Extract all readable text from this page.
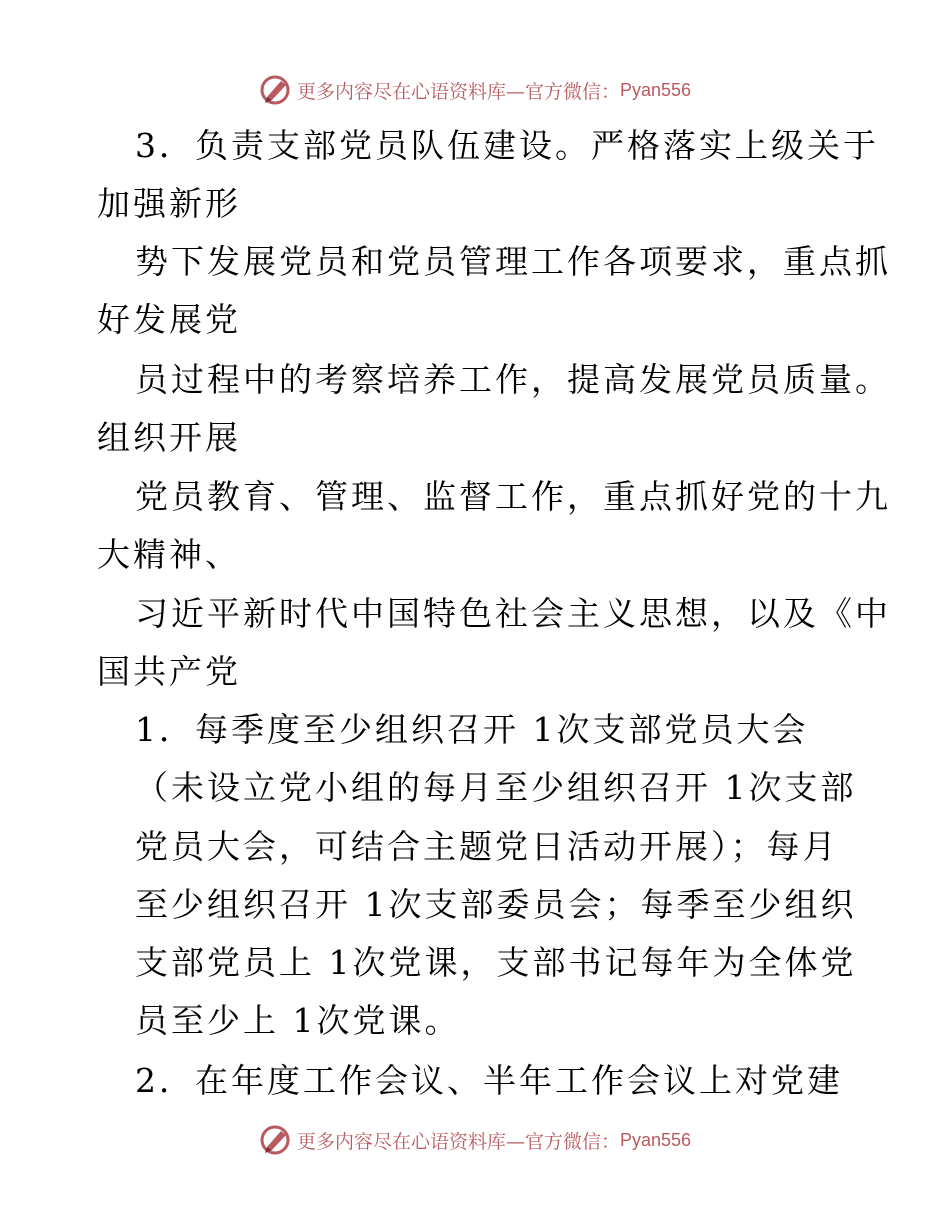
更多内容尽在心语资料库—官方微信： Pyan556
3．负责支部党员队伍建设。严格落实上级关于
加强新形
势下发展党员和党员管理工作各项要求，重点抓
好发展党
员过程中的考察培养工作，提高发展党员质量。
组织开展
党员教育、管理、监督工作，重点抓好党的十九
大精神、
习近平新时代中国特色社会主义思想，以及《中
国共产党
1．每季度至少组织召开 1次支部党员大会
（未设立党小组的每月至少组织召开 1次支部
党员大会，可结合主题党日活动开展）；每月
至少组织召开 1次支部委员会；每季至少组织
支部党员上 1次党课，支部书记每年为全体党
员至少上 1次党课。
2．在年度工作会议、半年工作会议上对党建
更多内容尽在心语资料库—官方微信： Pyan556
